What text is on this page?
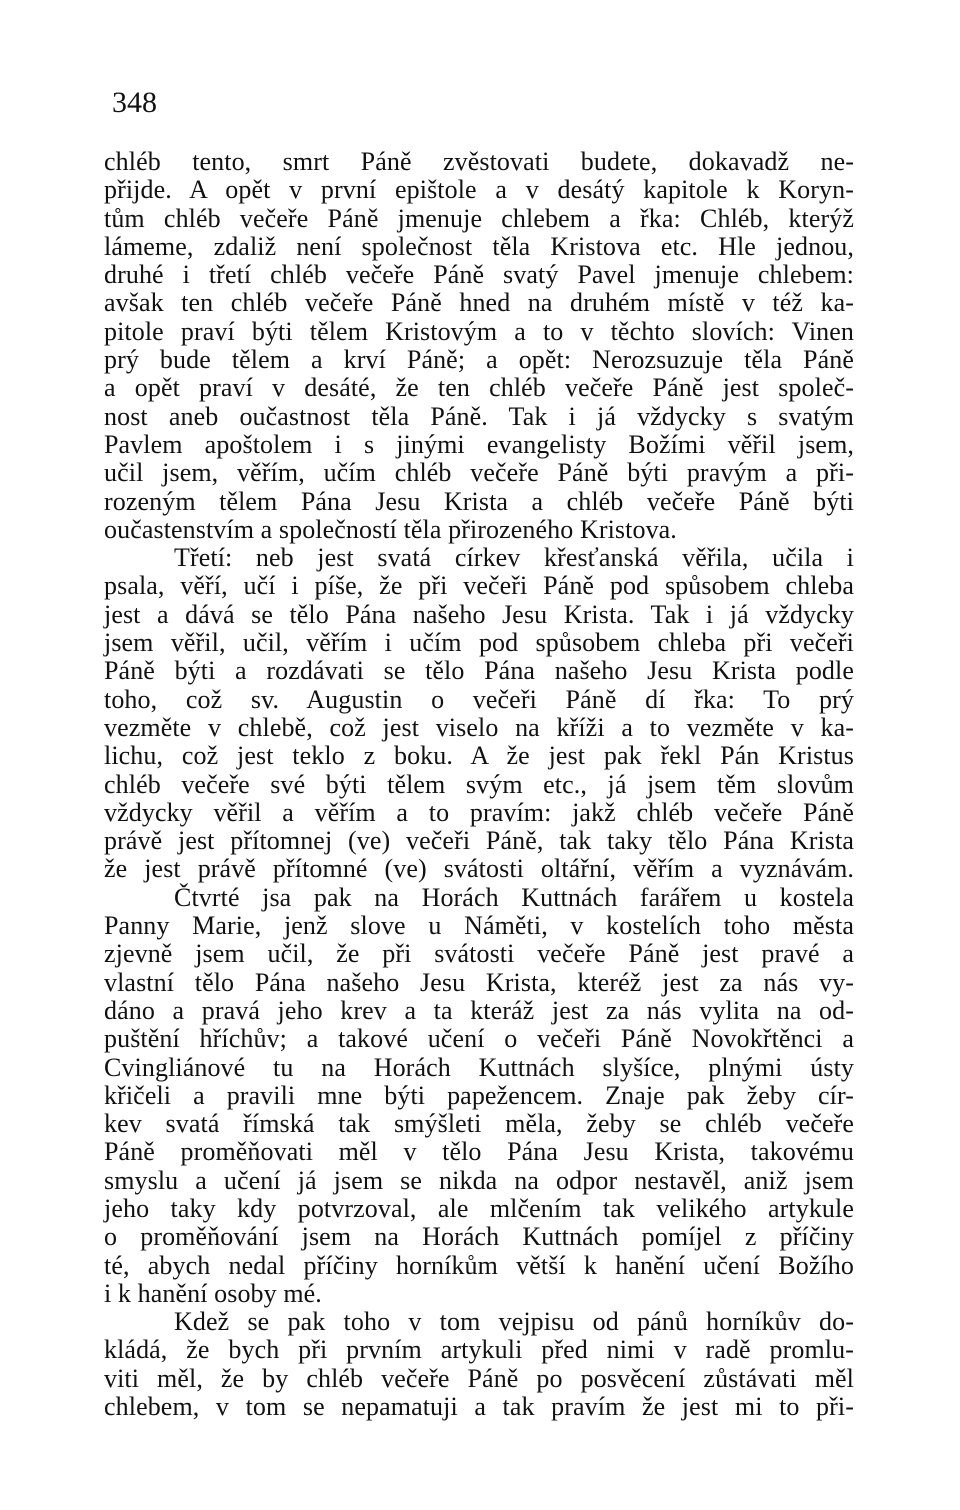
348
chléb tento, smrt Páně zvěstovati budete, dokavadž ne-
přijde. A opět v první epištole a v desátý kapitole k Koryn-
tům chléb večeře Páně jmenuje chlebem a řka: Chléb, kterýž
lámeme, zdaliž není společnost těla Kristova etc. Hle jednou,
druhé i třetí chléb večeře Páně svatý Pavel jmenuje chlebem:
avšak ten chléb večeře Páně hned na druhém místě v též ka-
pitole praví býti tělem Kristovým a to v těchto slovích: Vinen
prý bude tělem a krví Páně; a opět: Nerozsuzuje těla Páně
a opět praví v desáté, že ten chléb večeře Páně jest společ-
nost aneb oučastnost těla Páně. Tak i já vždycky s svatým
Pavlem apoštolem i s jinými evangelisty Božími věřil jsem,
učil jsem, věřím, učím chléb večeře Páně býti pravým a při-
rozeným tělem Pána Jesu Krista a chléb večeře Páně býti
oučastenstvím a společností těla přirozeného Kristova.
Třetí: neb jest svatá církev křesťanská věřila, učila i
psala, věří, učí i píše, že při večeři Páně pod spůsobem chleba
jest a dává se tělo Pána našeho Jesu Krista. Tak i já vždycky
jsem věřil, učil, věřím i učím pod spůsobem chleba při večeři
Páně býti a rozdávati se tělo Pána našeho Jesu Krista podle
toho, což sv. Augustin o večeři Páně dí řka: To prý
vezměte v chlebě, což jest viselo na kříži a to vezměte v ka-
lichu, což jest teklo z boku. A že jest pak řekl Pán Kristus
chléb večeře své býti tělem svým etc., já jsem těm slovům
vždycky věřil a věřím a to pravím: jakž chléb večeře Páně
právě jest přítomnej (ve) večeři Páně, tak taky tělo Pána Krista
že jest právě přítomné (ve) svátosti oltářní, věřím a vyznávám.
Čtvrté jsa pak na Horách Kuttnách farářem u kostela
Panny Marie, jenž slove u Náměti, v kostelích toho města
zjevně jsem učil, že při svátosti večeře Páně jest pravé a
vlastní tělo Pána našeho Jesu Krista, kteréž jest za nás vy-
dáno a pravá jeho krev a ta kteráž jest za nás vylita na od-
puštění hříchův; a takové učení o večeři Páně Novokřtěnci a
Cvingliánové tu na Horách Kuttnách slyšíce, plnými ústy
křičeli a pravili mne býti papežencem. Znaje pak žeby cír-
kev svatá římská tak smýšleti měla, žeby se chléb večeře
Páně proměňovati měl v tělo Pána Jesu Krista, takovému
smyslu a učení já jsem se nikda na odpor nestavěl, aniž jsem
jeho taky kdy potvrzoval, ale mlčením tak velikého artykule
o proměňování jsem na Horách Kuttnách pomíjel z příčiny
té, abych nedal příčiny horníkům větší k hanění učení Božího
i k hanění osoby mé.
Kdež se pak toho v tom vejpisu od pánů horníkův do-
kládá, že bych při prvním artykuli před nimi v radě promlu-
viti měl, že by chléb večeře Páně po posvěcení zůstávati měl
chlebem, v tom se nepamatuji a tak pravím že jest mi to při-
